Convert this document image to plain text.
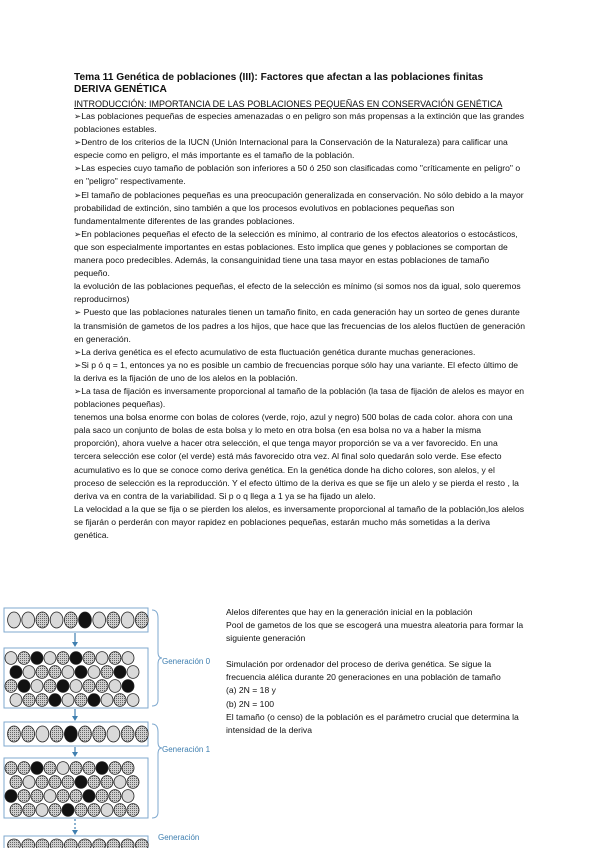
Tema 11 Genética de poblaciones (III): Factores que afectan a las poblaciones finitas

DERIVA GENÉTICA

INTRODUCCIÓN: IMPORTANCIA DE LAS POBLACIONES PEQUEÑAS EN CONSERVACIÓN GENÉTICA

➢Las poblaciones pequeñas de especies amenazadas o en peligro son más propensas a la extinción que las grandes poblaciones estables.

➢Dentro de los criterios de la IUCN (Unión Internacional para la Conservación de la Naturaleza) para calificar una especie como en peligro, el más importante es el tamaño de la población.

➢Las especies cuyo tamaño de población son inferiores a 50 ó 250 son clasificadas como "críticamente en peligro" o en "peligro" respectivamente.

➢El tamaño de poblaciones pequeñas es una preocupación generalizada en conservación. No sólo debido a la mayor probabilidad de extinción, sino también a que los procesos evolutivos en poblaciones pequeñas son fundamentalmente diferentes de las grandes poblaciones.

➢En poblaciones pequeñas el efecto de la selección es mínimo, al contrario de los efectos aleatorios o estocásticos, que son especialmente importantes en estas poblaciones. Esto implica que genes y poblaciones se comportan de manera poco predecibles. Además, la consanguinidad tiene una tasa mayor en estas poblaciones de tamaño pequeño.

la evolución de las poblaciones pequeñas, el efecto de la selección es mínimo (si somos nos da igual, solo queremos reproducirnos)

➢ Puesto que las poblaciones naturales tienen un tamaño finito, en cada generación hay un sorteo de genes durante la transmisión de gametos de los padres a los hijos, que hace que las frecuencias de los alelos fluctúen de generación en generación.

➢La deriva genética es el efecto acumulativo de esta fluctuación genética durante muchas generaciones.

➢Si p ó q = 1, entonces ya no es posible un cambio de frecuencias porque sólo hay una variante. El efecto último de la deriva es la fijación de uno de los alelos en la población.

➢La tasa de fijación es inversamente proporcional al tamaño de la población (la tasa de fijación de alelos es mayor en poblaciones pequeñas).

tenemos una bolsa enorme con bolas de colores (verde, rojo, azul y negro) 500 bolas de cada color. ahora con una pala saco un conjunto de bolas de esta bolsa y lo meto en otra bolsa (en esa bolsa no va a haber la misma proporción), ahora vuelve a hacer otra selección, el que tenga mayor proporción se va a ver favorecido. En una tercera selección ese color (el verde) está más favorecido otra vez. Al final solo quedarán solo verde. Ese efecto acumulativo es lo que se conoce como deriva genética. En la genética donde ha dicho colores, son alelos, y el proceso de selección es la reproducción. Y el efecto último de la deriva es que se fije un alelo y se pierda el resto , la deriva va en contra de la variabilidad. Si p o q llega a 1 ya se ha fijado un alelo.

La velocidad a la que se fija o se pierden los alelos, es inversamente proporcional al tamaño de la población,los alelos se fijarán o perderán con mayor rapidez en poblaciones pequeñas, estarán mucho más sometidas a la deriva genética.

Generación 0
Generación 1
Generación
Alelos diferentes que hay en la generación inicial en la población
Pool de gametos de los que se escogerá una muestra aleatoria para formar la siguiente generación
Simulación por ordenador del proceso de deriva genética. Se sigue la frecuencia alélica durante 20 generaciones en una población de tamaño
(a) 2N = 18 y
(b) 2N = 100
El tamaño (o censo) de la población es el parámetro crucial que determina la intensidad de la deriva
